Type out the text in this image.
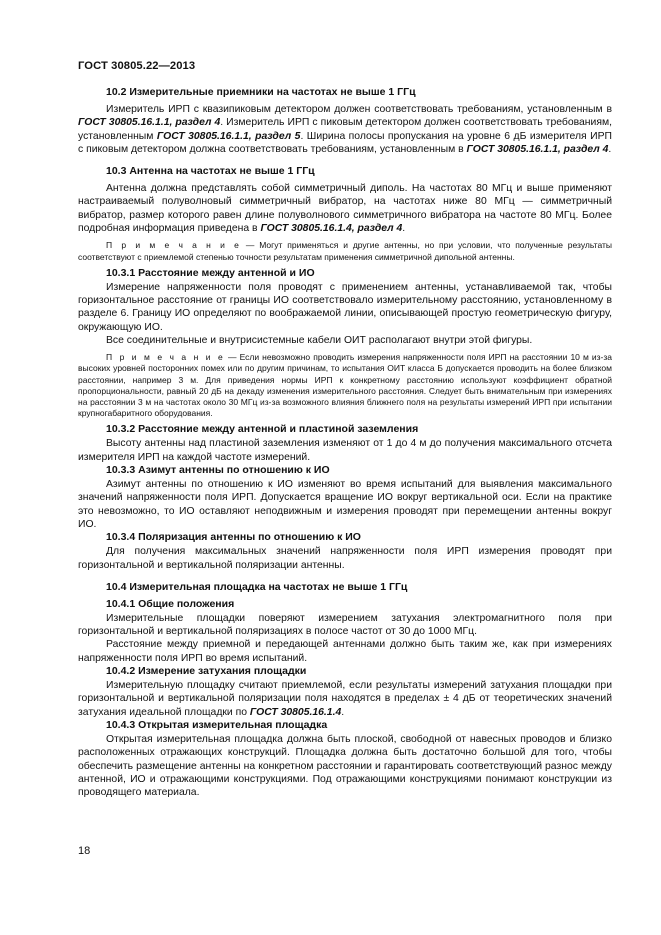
ГОСТ 30805.22—2013
10.2 Измерительные приемники на частотах не выше 1 ГГц

Измеритель ИРП с квазипиковым детектором должен соответствовать требованиям, установленным в ГОСТ 30805.16.1.1, раздел 4. Измеритель ИРП с пиковым детектором должен соответствовать требованиям, установленным ГОСТ 30805.16.1.1, раздел 5. Ширина полосы пропускания на уровне 6 дБ измерителя ИРП с пиковым детектором должна соответствовать требованиям, установленным в ГОСТ 30805.16.1.1, раздел 4.

10.3 Антенна на частотах не выше 1 ГГц

Антенна должна представлять собой симметричный диполь. На частотах 80 МГц и выше применяют настраиваемый полуволновый симметричный вибратор, на частотах ниже 80 МГц — симметричный вибратор, размер которого равен длине полуволнового симметричного вибратора на частоте 80 МГц. Более подробная информация приведена в ГОСТ 30805.16.1.4, раздел 4.

П р и м е ч а н и е — Могут применяться и другие антенны, но при условии, что полученные результаты соответствуют с приемлемой степенью точности результатам применения симметричной дипольной антенны.
10.3.1 Расстояние между антенной и ИО

Измерение напряженности поля проводят с применением антенны, устанавливаемой так, чтобы горизонтальное расстояние от границы ИО соответствовало измерительному расстоянию, установленному в разделе 6. Границу ИО определяют по воображаемой линии, описывающей простую геометрическую фигуру, окружающую ИО.

Все соединительные и внутрисистемные кабели ОИТ располагают внутри этой фигуры.

П р и м е ч а н и е — Если невозможно проводить измерения напряженности поля ИРП на расстоянии 10 м из-за высоких уровней посторонних помех или по другим причинам, то испытания ОИТ класса Б допускается проводить на более близком расстоянии, например 3 м. Для приведения нормы ИРП к конкретному расстоянию используют коэффициент обратной пропорциональности, равный 20 дБ на декаду изменения измерительного расстояния. Следует быть внимательным при измерениях на расстоянии 3 м на частотах около 30 МГц из-за возможного влияния ближнего поля на результаты измерений ИРП при испытании крупногабаритного оборудования.
10.3.2 Расстояние между антенной и пластиной заземления

Высоту антенны над пластиной заземления изменяют от 1 до 4 м до получения максимального отсчета измерителя ИРП на каждой частоте измерений.

10.3.3 Азимут антенны по отношению к ИО

Азимут антенны по отношению к ИО изменяют во время испытаний для выявления максимального значений напряженности поля ИРП. Допускается вращение ИО вокруг вертикальной оси. Если на практике это невозможно, то ИО оставляют неподвижным и измерения проводят при перемещении антенны вокруг ИО.

10.3.4 Поляризация антенны по отношению к ИО

Для получения максимальных значений напряженности поля ИРП измерения проводят при горизонтальной и вертикальной поляризации антенны.

10.4 Измерительная площадка на частотах не выше 1 ГГц
10.4.1 Общие положения

Измерительные площадки поверяют измерением затухания электромагнитного поля при горизонтальной и вертикальной поляризациях в полосе частот от 30 до 1000 МГц.

Расстояние между приемной и передающей антеннами должно быть таким же, как при измерениях напряженности поля ИРП во время испытаний.

10.4.2 Измерение затухания площадки

Измерительную площадку считают приемлемой, если результаты измерений затухания площадки при горизонтальной и вертикальной поляризации поля находятся в пределах ± 4 дБ от теоретических значений затухания идеальной площадки по ГОСТ 30805.16.1.4.

10.4.3 Открытая измерительная площадка

Открытая измерительная площадка должна быть плоской, свободной от навесных проводов и близко расположенных отражающих конструкций. Площадка должна быть достаточно большой для того, чтобы обеспечить размещение антенны на конкретном расстоянии и гарантировать соответствующий разнос между антенной, ИО и отражающими конструкциями. Под отражающими конструкциями понимают конструкции из проводящего материала.

18
